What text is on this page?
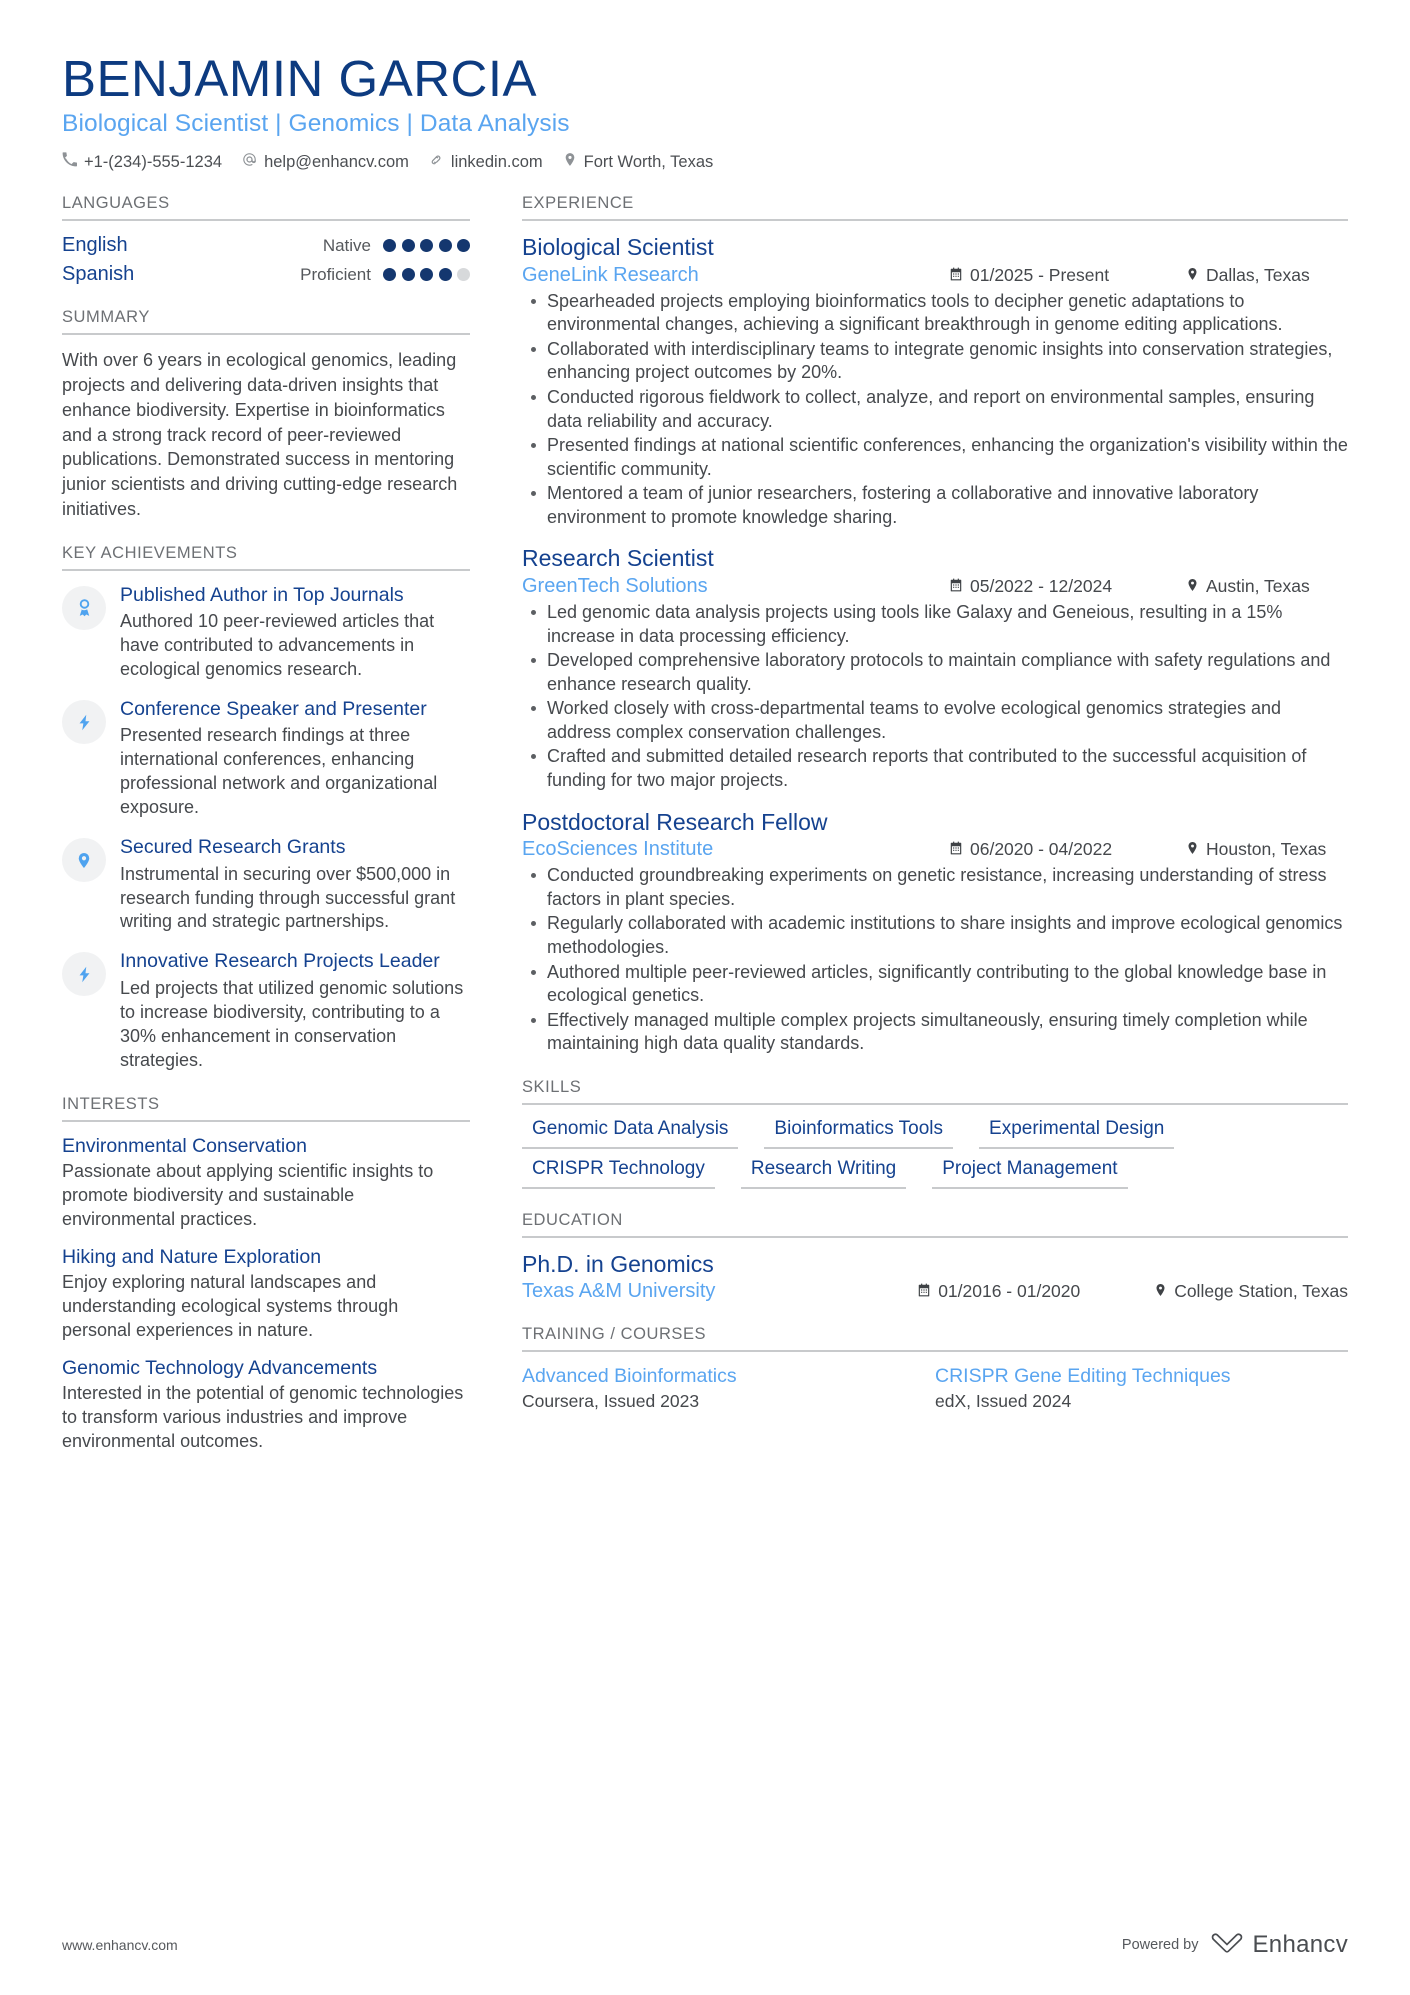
BENJAMIN GARCIA
Biological Scientist | Genomics | Data Analysis
+1-(234)-555-1234	help@enhancv.com	linkedin.com Fort Worth, Texas
LANGUAGES
English	Native
Spanish	Proficient
SUMMARY
With over 6 years in ecological genomics, leading projects and delivering data-driven insights that enhance biodiversity. Expertise in bioinformatics and a strong track record of peer-reviewed publications. Demonstrated success in mentoring junior scientists and driving cutting-edge research initiatives.
KEY ACHIEVEMENTS
Published Author in Top Journals
Authored 10 peer-reviewed articles that have contributed to advancements in ecological genomics research.
Conference Speaker and Presenter
Presented research findings at three international conferences, enhancing professional network and organizational exposure.
Secured Research Grants
Instrumental in securing over $500,000 in research funding through successful grant writing and strategic partnerships.
Innovative Research Projects Leader
Led projects that utilized genomic solutions to increase biodiversity, contributing to a 30% enhancement in conservation strategies.
INTERESTS
Environmental Conservation
Passionate about applying scientific insights to promote biodiversity and sustainable environmental practices.
Hiking and Nature Exploration
Enjoy exploring natural landscapes and understanding ecological systems through personal experiences in nature.
Genomic Technology Advancements
Interested in the potential of genomic technologies to transform various industries and improve environmental outcomes.
EXPERIENCE
Biological Scientist
GeneLink Research	01/2025 - Present	Dallas, Texas
Spearheaded projects employing bioinformatics tools to decipher genetic adaptations to environmental changes, achieving a significant breakthrough in genome editing applications.
Collaborated with interdisciplinary teams to integrate genomic insights into conservation strategies, enhancing project outcomes by 20%.
Conducted rigorous fieldwork to collect, analyze, and report on environmental samples, ensuring data reliability and accuracy.
Presented findings at national scientific conferences, enhancing the organization's visibility within the scientific community.
Mentored a team of junior researchers, fostering a collaborative and innovative laboratory environment to promote knowledge sharing.
Research Scientist
GreenTech Solutions	05/2022 - 12/2024	Austin, Texas
Led genomic data analysis projects using tools like Galaxy and Geneious, resulting in a 15% increase in data processing efficiency.
Developed comprehensive laboratory protocols to maintain compliance with safety regulations and enhance research quality.
Worked closely with cross-departmental teams to evolve ecological genomics strategies and address complex conservation challenges.
Crafted and submitted detailed research reports that contributed to the successful acquisition of funding for two major projects.
Postdoctoral Research Fellow
EcoSciences Institute	06/2020 - 04/2022	Houston, Texas
Conducted groundbreaking experiments on genetic resistance, increasing understanding of stress factors in plant species.
Regularly collaborated with academic institutions to share insights and improve ecological genomics methodologies.
Authored multiple peer-reviewed articles, significantly contributing to the global knowledge base in ecological genetics.
Effectively managed multiple complex projects simultaneously, ensuring timely completion while maintaining high data quality standards.
SKILLS
Genomic Data Analysis	Bioinformatics Tools	Experimental Design
CRISPR Technology	Research Writing	Project Management
EDUCATION
Ph.D. in Genomics
Texas A&M University	01/2016 - 01/2020	College Station, Texas
TRAINING / COURSES
Advanced Bioinformatics
Coursera, Issued 2023
CRISPR Gene Editing Techniques
edX, Issued 2024
www.enhancv.com	Powered by Enhancv
